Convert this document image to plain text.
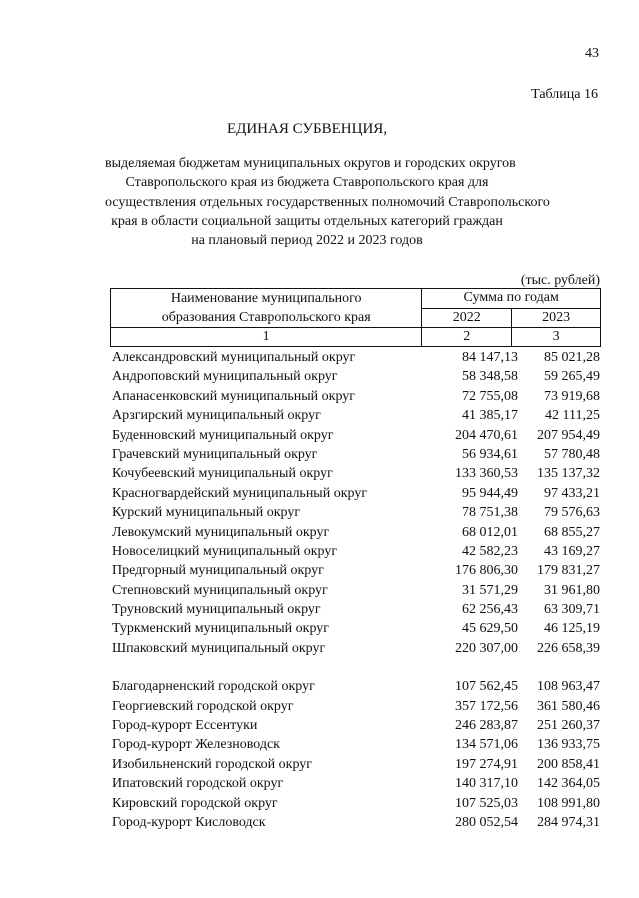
43
Таблица 16
ЕДИНАЯ СУБВЕНЦИЯ,
выделяемая бюджетам муниципальных округов и городских округов
Ставропольского края из бюджета Ставропольского края для
осуществления отдельных государственных полномочий Ставропольского
края в области социальной защиты отдельных категорий граждан
на плановый период 2022 и 2023 годов
(тыс. рублей)
Наименование муниципального
образования Ставропольского края	Сумма по годам	
	2022	2023
1	2	3
Александровский муниципальный округ	84 147,13 85 021,28
Андроповский муниципальный округ	58 348,58 59 265,49
Апанасенковский муниципальный округ	72 755,08 73 919,68
Арзгирский муниципальный округ	41 385,17 42 111,25
Буденновский муниципальный округ	204 470,61 207 954,49
Грачевский муниципальный округ	56 934,61 57 780,48
Кочубеевский муниципальный округ	133 360,53 135 137,32
Красногвардейский муниципальный округ	95 944,49 97 433,21
Курский муниципальный округ	78 751,38 79 576,63
Левокумский муниципальный округ	68 012,01 68 855,27
Новоселицкий муниципальный округ	42 582,23 43 169,27
Предгорный муниципальный округ	176 806,30 179 831,27
Степновский муниципальный округ	31 571,29 31 961,80
Труновский муниципальный округ	62 256,43 63 309,71
Туркменский муниципальный округ	45 629,50 46 125,19
Шпаковский муниципальный округ	220 307,00 226 658,39
Благодарненский городской округ	107 562,45 108 963,47
Георгиевский городской округ	357 172,56 361 580,46
Город-курорт Ессентуки	246 283,87 251 260,37
Город-курорт Железноводск	134 571,06 136 933,75
Изобильненский городской округ	197 274,91 200 858,41
Ипатовский городской округ	140 317,10 142 364,05
Кировский городской округ	107 525,03 108 991,80
Город-курорт Кисловодск	280 052,54 284 974,31
